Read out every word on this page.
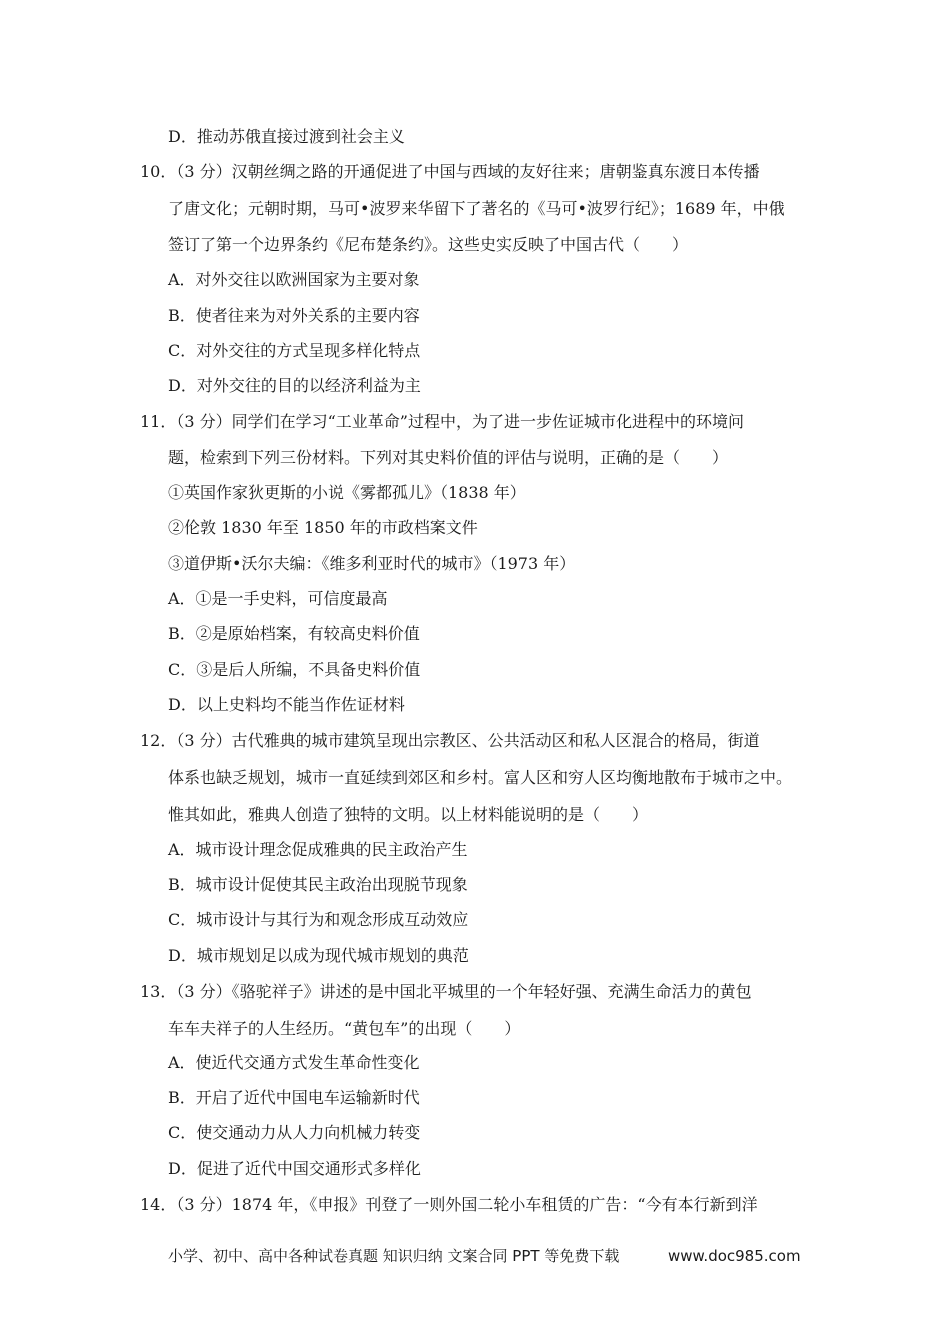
D．推动苏俄直接过渡到社会主义
10．（3 分）汉朝丝绸之路的开通促进了中国与西域的友好往来；唐朝鉴真东渡日本传播
了唐文化；元朝时期，马可•波罗来华留下了著名的《马可•波罗行纪》；1689 年，中俄
签订了第一个边界条约《尼布楚条约》。这些史实反映了中国古代（　　）
A．对外交往以欧洲国家为主要对象
B．使者往来为对外关系的主要内容
C．对外交往的方式呈现多样化特点
D．对外交往的目的以经济利益为主
11．（3 分）同学们在学习“工业革命”过程中，为了进一步佐证城市化进程中的环境问
题，检索到下列三份材料。下列对其史料价值的评估与说明，正确的是（　　）
①英国作家狄更斯的小说《雾都孤儿》（1838 年）
②伦敦 1830 年至 1850 年的市政档案文件
③道伊斯•沃尔夫编：《维多利亚时代的城市》（1973 年）
A．①是一手史料，可信度最高
B．②是原始档案，有较高史料价值
C．③是后人所编，不具备史料价值
D．以上史料均不能当作佐证材料
12．（3 分）古代雅典的城市建筑呈现出宗教区、公共活动区和私人区混合的格局，街道
体系也缺乏规划，城市一直延续到郊区和乡村。富人区和穷人区均衡地散布于城市之中。
惟其如此，雅典人创造了独特的文明。以上材料能说明的是（　　）
A．城市设计理念促成雅典的民主政治产生
B．城市设计促使其民主政治出现脱节现象
C．城市设计与其行为和观念形成互动效应
D．城市规划足以成为现代城市规划的典范
13．（3 分）《骆驼祥子》讲述的是中国北平城里的一个年轻好强、充满生命活力的黄包
车车夫祥子的人生经历。“黄包车”的出现（　　）
A．使近代交通方式发生革命性变化
B．开启了近代中国电车运输新时代
C．使交通动力从人力向机械力转变
D．促进了近代中国交通形式多样化
14．（3 分）1874 年，《申报》刊登了一则外国二轮小车租赁的广告：“今有本行新到洋
小学、初中、高中各种试卷真题 知识归纳 文案合同 PPT 等免费下载	www.doc985.com
